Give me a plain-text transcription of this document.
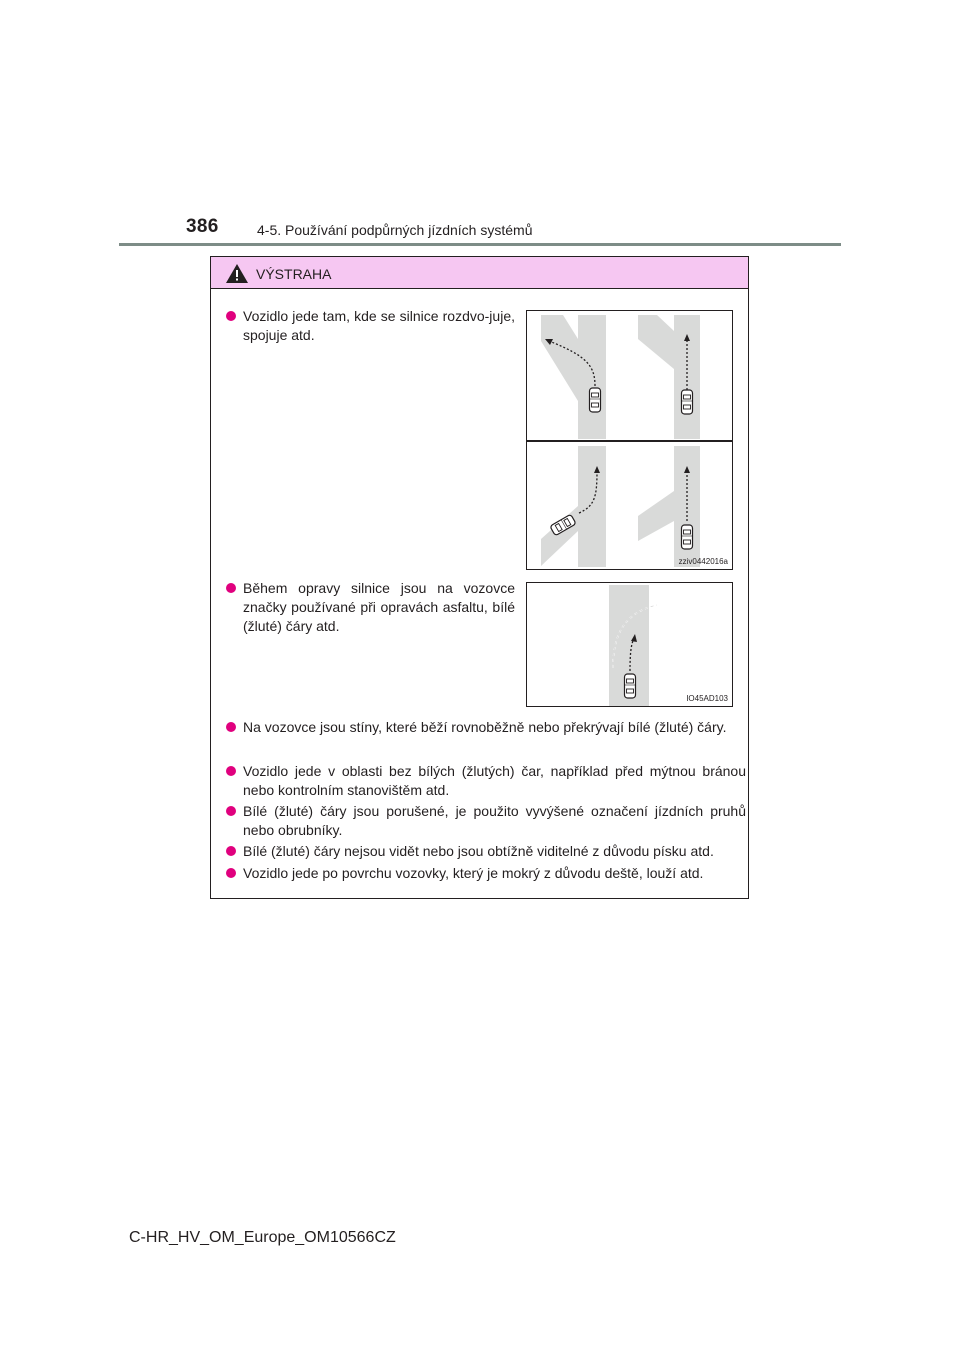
386	4-5. Používání podpůrných jízdních systémů
VÝSTRAHA
Vozidlo jede tam, kde se silnice rozdvo-juje, spojuje atd.
zziv0442016a
Během opravy silnice jsou na vozovce značky používané při opravách asfaltu, bílé (žluté) čáry atd.
IO45AD103
Na vozovce jsou stíny, které běží rovnoběžně nebo překrývají bílé (žluté) čáry.
Vozidlo jede v oblasti bez bílých (žlutých) čar, například před mýtnou bránou nebo kontrolním stanovištěm atd.
Bílé (žluté) čáry jsou porušené, je použito vyvýšené označení jízdních pruhů nebo obrubníky.
Bílé (žluté) čáry nejsou vidět nebo jsou obtížně viditelné z důvodu písku atd.
Vozidlo jede po povrchu vozovky, který je mokrý z důvodu deště, louží atd.
C-HR_HV_OM_Europe_OM10566CZ
